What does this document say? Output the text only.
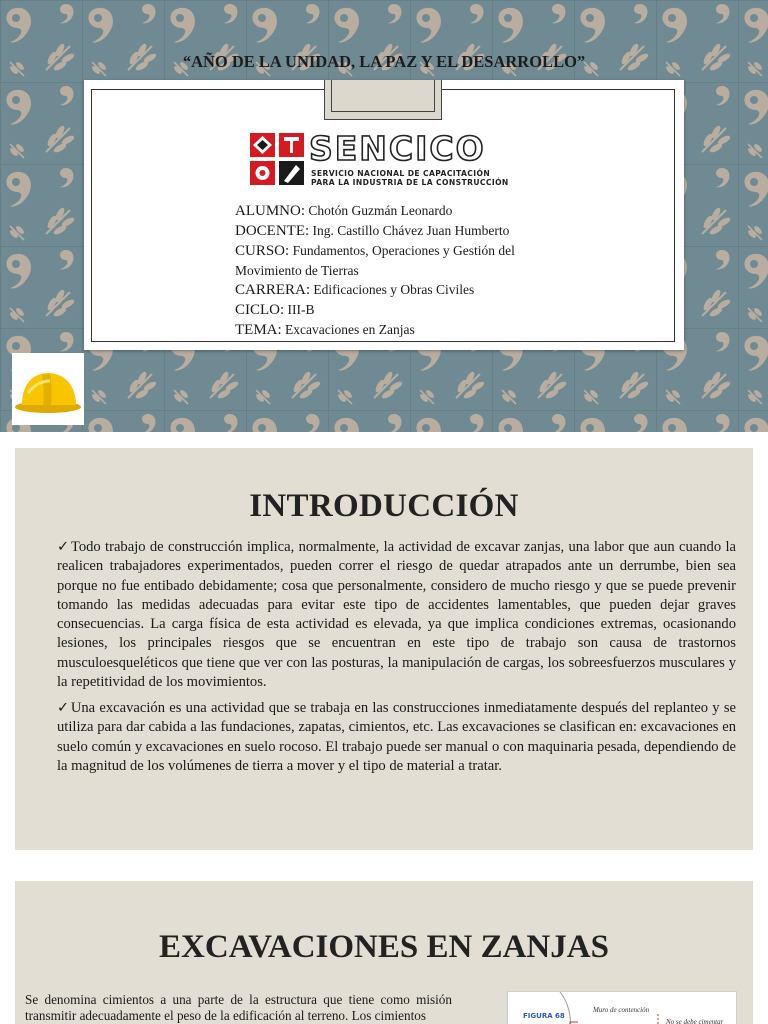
“AÑO DE LA UNIDAD, LA PAZ Y EL DESARROLLO”
SENCICO
SERVICIO NACIONAL DE CAPACITACIÓN
PARA LA INDUSTRIA DE LA CONSTRUCCIÓN
ALUMNO: Chotón Guzmán Leonardo
DOCENTE: Ing. Castillo Chávez Juan Humberto
CURSO: Fundamentos, Operaciones y Gestión del
Movimiento de Tierras
CARRERA: Edificaciones y Obras Civiles
CICLO: III-B
TEMA: Excavaciones en Zanjas
INTRODUCCIÓN
✓Todo trabajo de construcción implica, normalmente, la actividad de excavar zanjas, una labor que aun cuando la realicen trabajadores experimentados, pueden correr el riesgo de quedar atrapados ante un derrumbe, bien sea porque no fue entibado debidamente; cosa que personalmente, considero de mucho riesgo y que se puede prevenir tomando las medidas adecuadas para evitar este tipo de accidentes lamentables, que pueden dejar graves consecuencias. La carga física de esta actividad es elevada, ya que implica condiciones extremas, ocasionando lesiones, los principales riesgos que se encuentran en este tipo de trabajo son causa de trastornos musculoesqueléticos que tiene que ver con las posturas, la manipulación de cargas, los sobreesfuerzos musculares y la repetitividad de los movimientos.
✓Una excavación es una actividad que se trabaja en las construcciones inmediatamente después del replanteo y se utiliza para dar cabida a las fundaciones, zapatas, cimientos, etc. Las excavaciones se clasifican en: excavaciones en suelo común y excavaciones en suelo rocoso. El trabajo puede ser manual o con maquinaria pesada, dependiendo de la magnitud de los volúmenes de tierra a mover y el tipo de material a tratar.
EXCAVACIONES EN ZANJAS
Se denomina cimientos a una parte de la estructura que tiene como misión transmitir adecuadamente el peso de la edificación al terreno. Los cimientos	FIGURA 68
Muro de contención
No se debe cimentar
